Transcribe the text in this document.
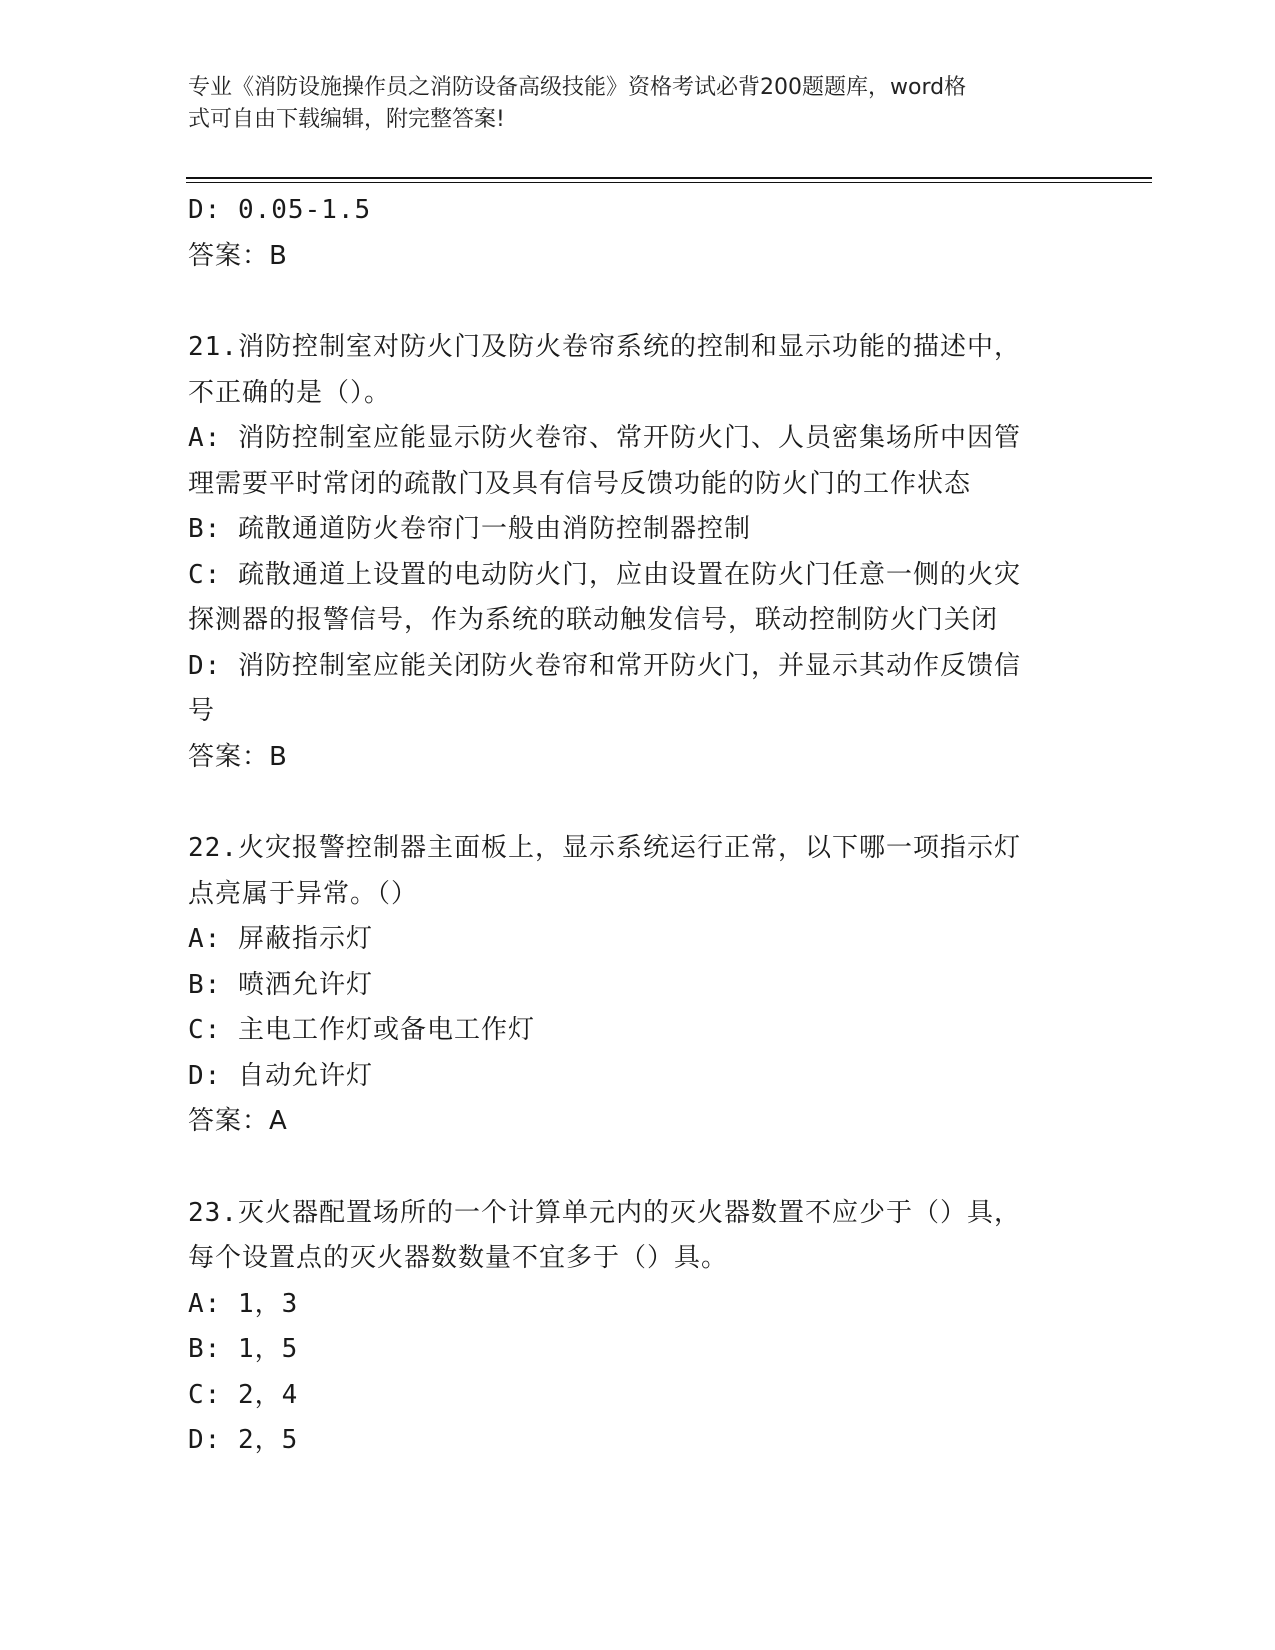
专业《消防设施操作员之消防设备高级技能》资格考试必背200题题库，word格
式可自由下载编辑，附完整答案!

D: 0.05-1.5

答案：B

21.消防控制室对防火门及防火卷帘系统的控制和显示功能的描述中，

不正确的是（）。

A: 消防控制室应能显示防火卷帘、常开防火门、人员密集场所中因管

理需要平时常闭的疏散门及具有信号反馈功能的防火门的工作状态

B: 疏散通道防火卷帘门一般由消防控制器控制

C: 疏散通道上设置的电动防火门，应由设置在防火门任意一侧的火灾

探测器的报警信号，作为系统的联动触发信号，联动控制防火门关闭

D: 消防控制室应能关闭防火卷帘和常开防火门，并显示其动作反馈信

号

答案：B

22.火灾报警控制器主面板上，显示系统运行正常，以下哪一项指示灯

点亮属于异常。（）

A: 屏蔽指示灯

B: 喷洒允许灯

C: 主电工作灯或备电工作灯

D: 自动允许灯

答案：A

23.灭火器配置场所的一个计算单元内的灭火器数置不应少于（）具，

每个设置点的灭火器数数量不宜多于（）具。

A: 1，3

B: 1，5

C: 2，4

D: 2，5
